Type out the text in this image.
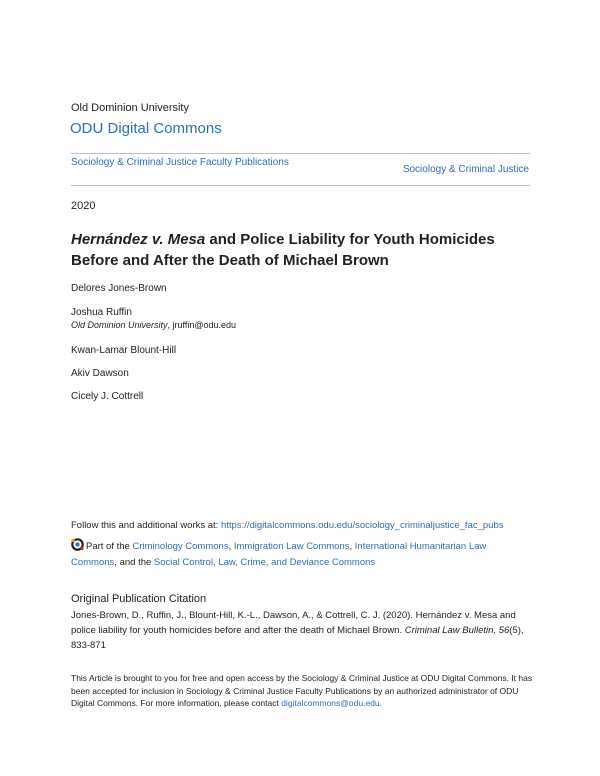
Old Dominion University
ODU Digital Commons
Sociology & Criminal Justice Faculty Publications
Sociology & Criminal Justice
2020
Hernández v. Mesa and Police Liability for Youth Homicides Before and After the Death of Michael Brown
Delores Jones-Brown
Joshua Ruffin
Old Dominion University, jruffin@odu.edu
Kwan-Lamar Blount-Hill
Akiv Dawson
Cicely J. Cottrell
Follow this and additional works at: https://digitalcommons.odu.edu/sociology_criminaljustice_fac_pubs
Part of the Criminology Commons, Immigration Law Commons, International Humanitarian Law Commons, and the Social Control, Law, Crime, and Deviance Commons
Original Publication Citation
Jones-Brown, D., Ruffin, J., Blount-Hill, K.-L., Dawson, A., & Cottrell, C. J. (2020). Hernández v. Mesa and police liability for youth homicides before and after the death of Michael Brown. Criminal Law Bulletin, 56(5), 833-871
This Article is brought to you for free and open access by the Sociology & Criminal Justice at ODU Digital Commons. It has been accepted for inclusion in Sociology & Criminal Justice Faculty Publications by an authorized administrator of ODU Digital Commons. For more information, please contact digitalcommons@odu.edu.
